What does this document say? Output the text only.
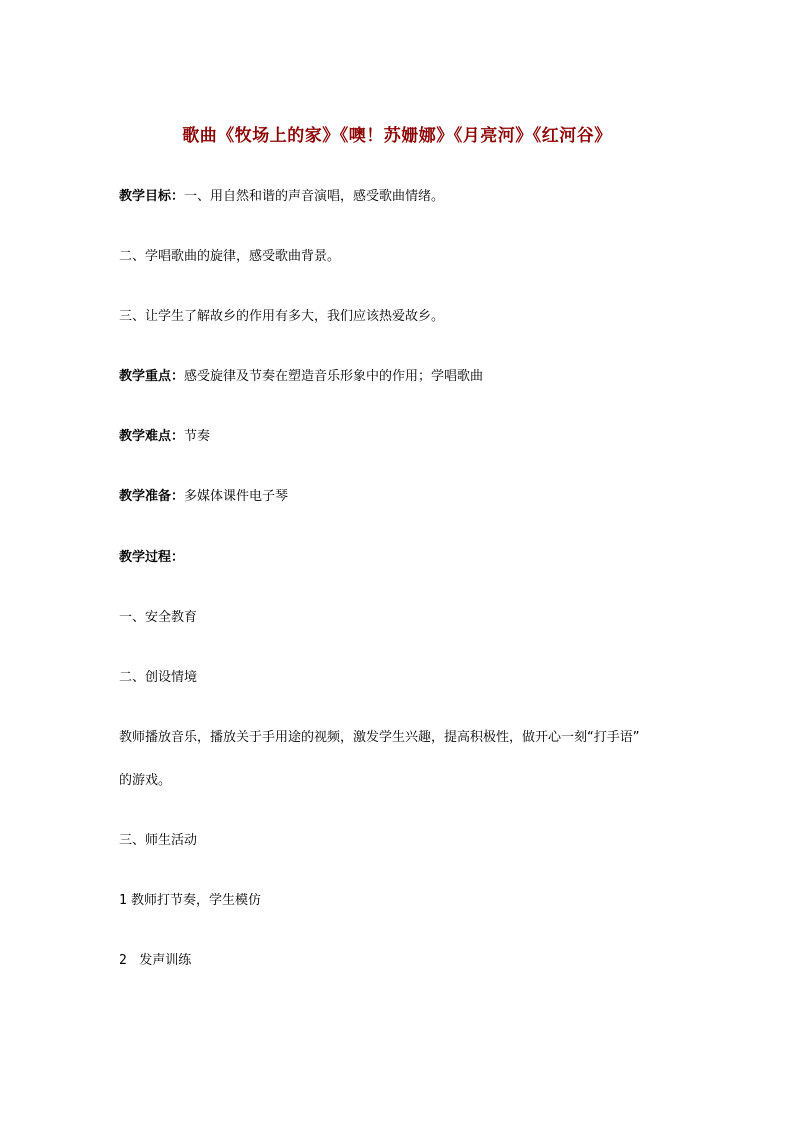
歌曲《牧场上的家》《噢！苏姗娜》《月亮河》《红河谷》
教学目标：一、用自然和谐的声音演唱，感受歌曲情绪。
二、学唱歌曲的旋律，感受歌曲背景。
三、让学生了解故乡的作用有多大，我们应该热爱故乡。
教学重点：感受旋律及节奏在塑造音乐形象中的作用；学唱歌曲
教学难点：节奏
教学准备：多媒体课件电子琴
教学过程：
一、安全教育
二、创设情境
教师播放音乐，播放关于手用途的视频，激发学生兴趣，提高积极性，做开心一刻“打手语”
的游戏。
三、师生活动
1 教师打节奏，学生模仿
2 发声训练
